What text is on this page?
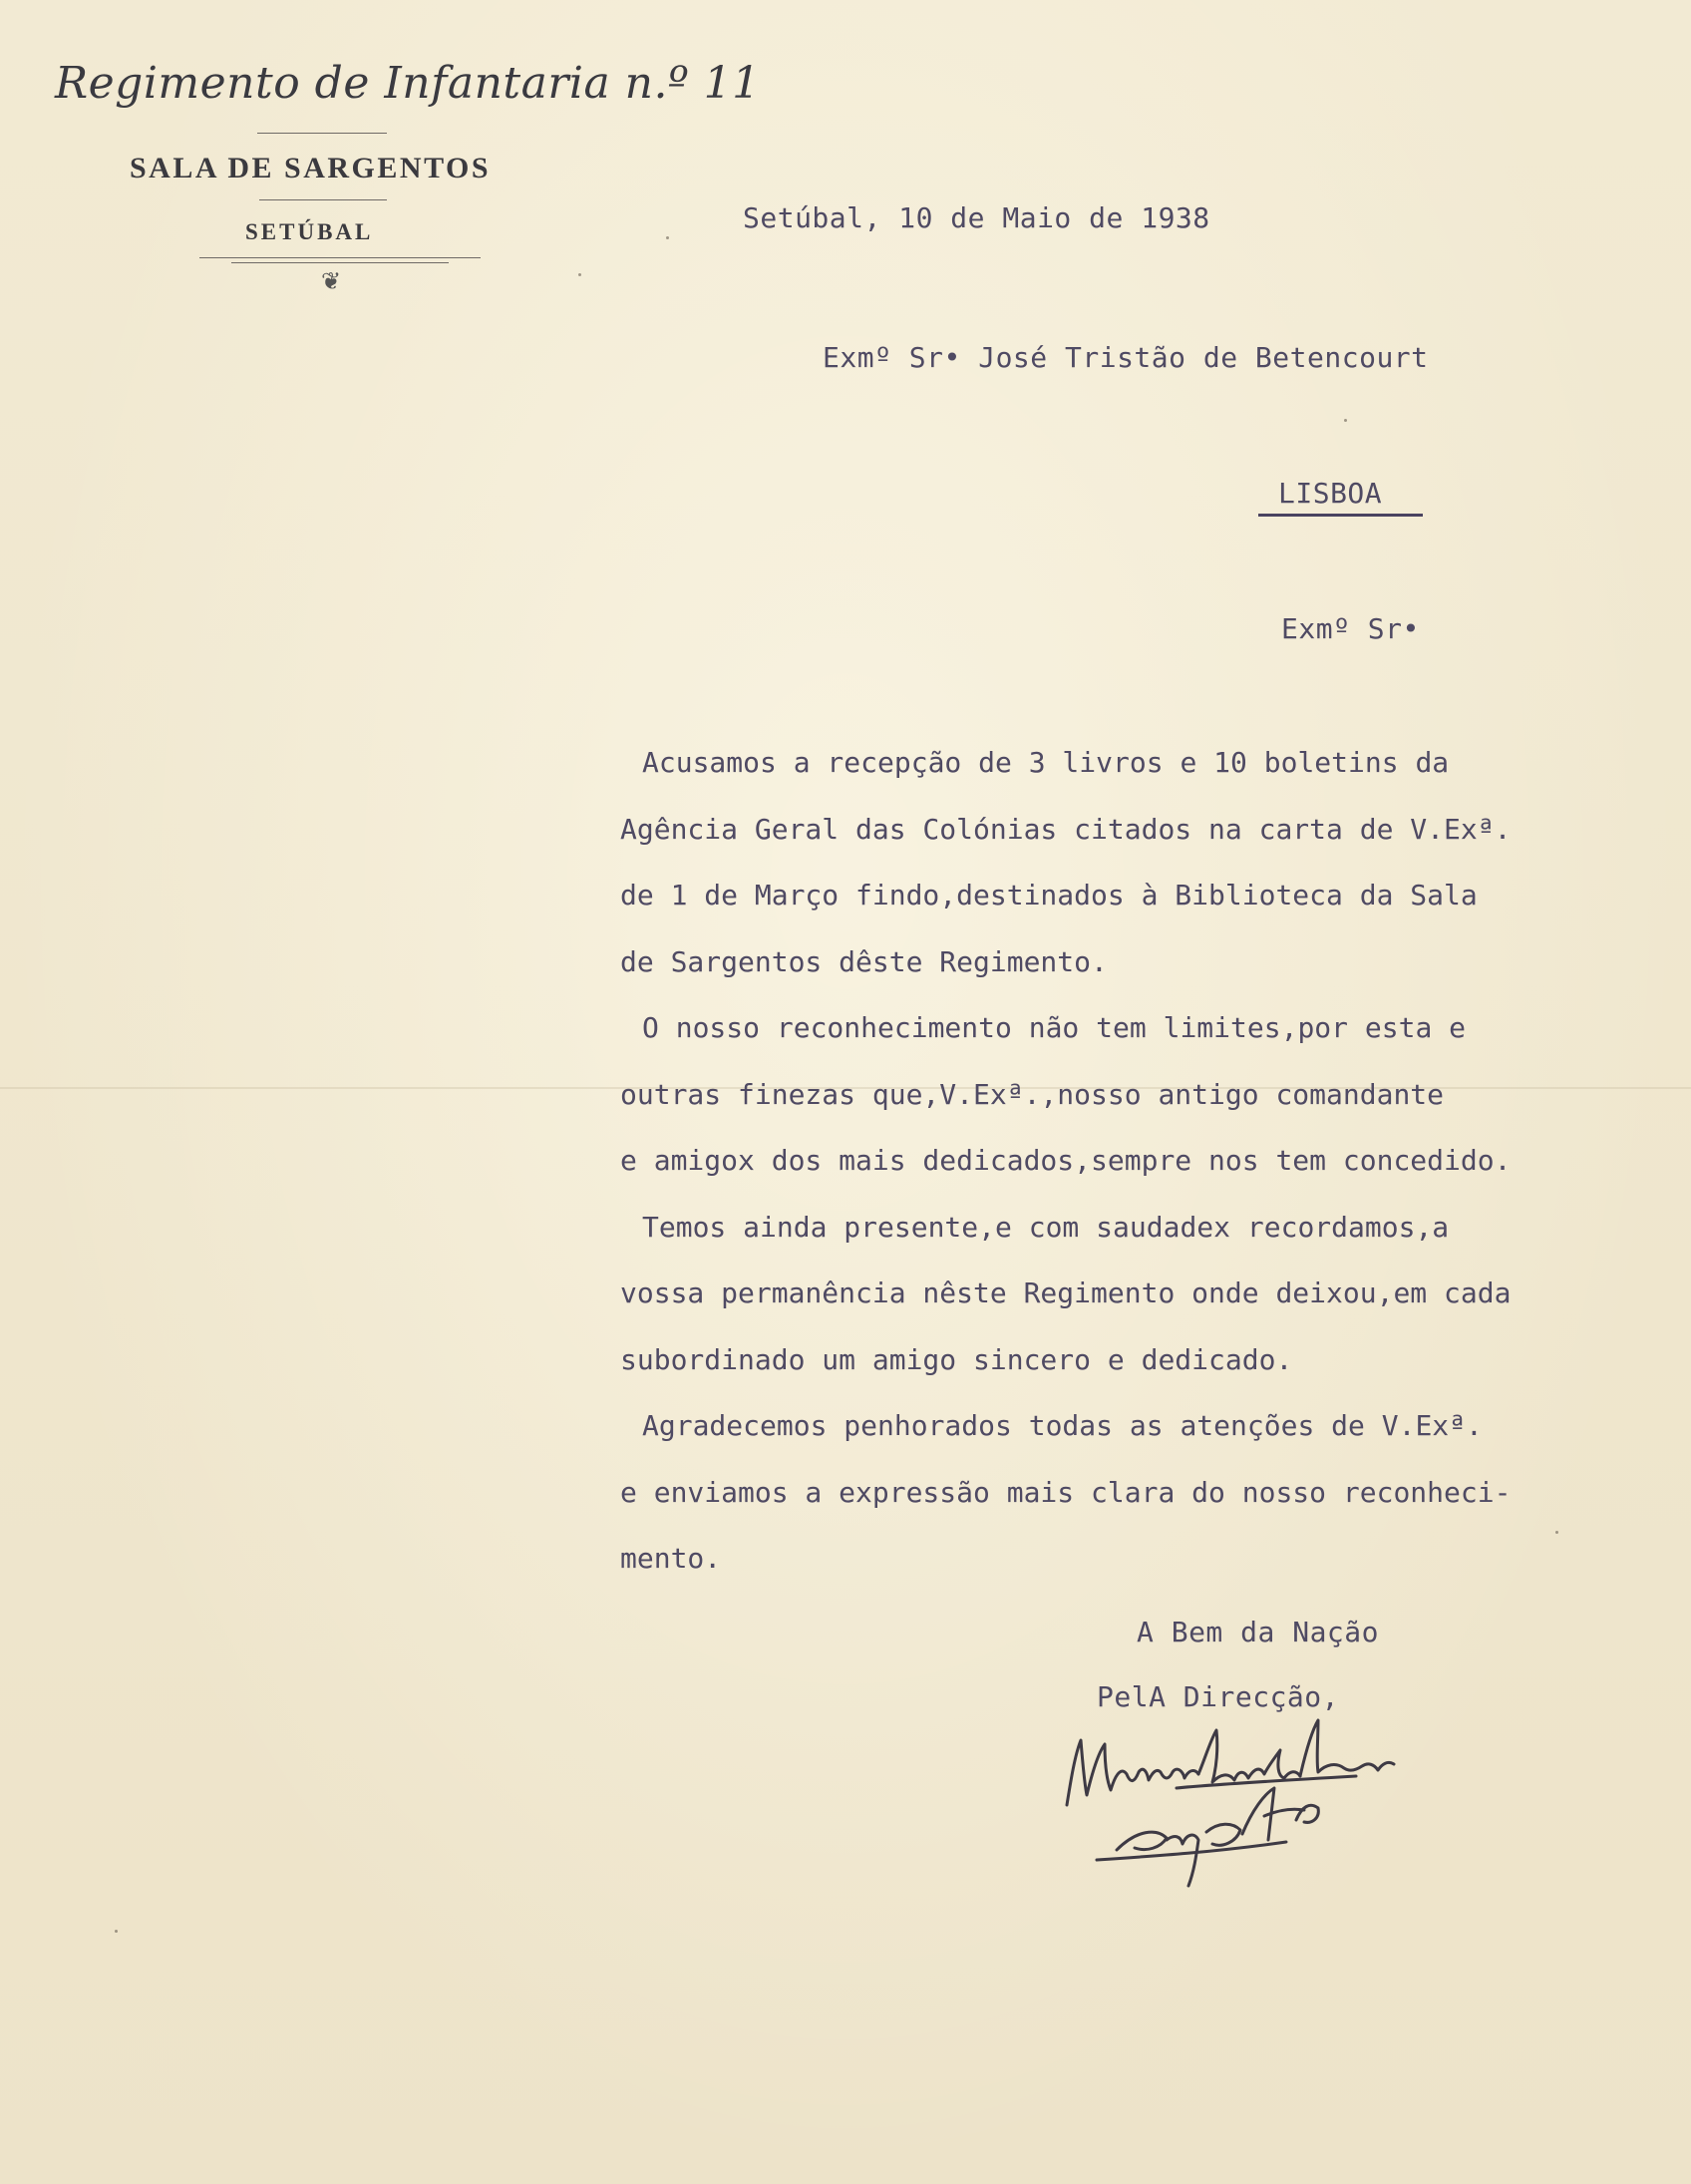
Regimento de Infantaria n.º 11
SALA DE SARGENTOS
SETÚBAL
❦
Setúbal, 10 de Maio de 1938
Exmº Sr• José Tristão de Betencourt
LISBOA
Exmº Sr•
Acusamos a recepção de 3 livros e 10 boletins da
Agência Geral das Colónias citados na carta de V.Exª.
de 1 de Março findo,destinados à Biblioteca da Sala
de Sargentos dêste Regimento.
O nosso reconhecimento não tem limites,por esta e
outras finezas que,V.Exª.,nosso antigo comandante
e amigox dos mais dedicados,sempre nos tem concedido.
Temos ainda presente,e com saudadex recordamos,a
vossa permanência nêste Regimento onde deixou,em cada
subordinado um amigo sincero e dedicado.
Agradecemos penhorados todas as atenções de V.Exª.
e enviamos a expressão mais clara do nosso reconheci-
mento.
A Bem da Nação
PelA Direcção,
